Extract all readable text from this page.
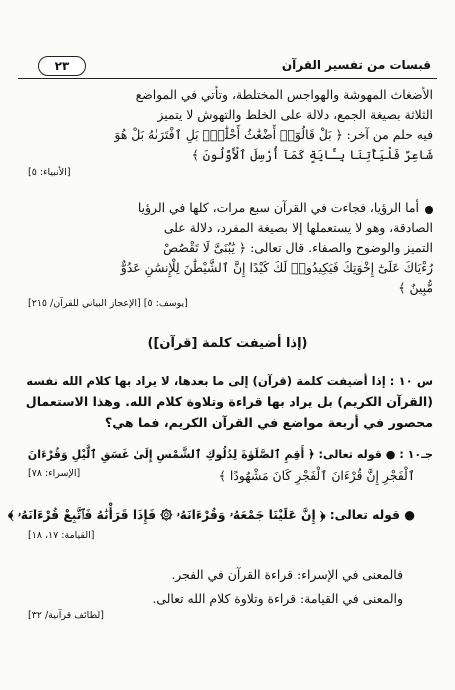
قبسات من تفسير القرآن
٢٣
الأضغاث المهوشة والهواجس المختلطة، وتأتي في المواضع
الثلاثة بصيغة الجمع، دلالة على الخلط والتهوش لا يتميز
فيه حلم من آخر: ﴿ بَلْ قَالُوٓا۟ أَضْغَٰثُ أَحْلَٰمٍۭ بَلِ ٱفْتَرَىٰهُ بَلْ هُوَ
شَاعِرٌ فَلْيَأْتِنَا بِـَٔايَةٍ كَمَآ أُرْسِلَ ٱلْأَوَّلُونَ ﴾
[الأنبياء: ٥]
أما الرؤيا، فجاءت في القرآن سبع مرات، كلها في الرؤيا
الصادقة، وهو لا يستعملها إلا بصيغة المفرد، دلالة على
التميز والوضوح والصفاء. قال تعالى: ﴿ يَٰبُنَىَّ لَا تَقْصُصْ
رُءْيَاكَ عَلَىٰٓ إِخْوَتِكَ فَيَكِيدُوا۟ لَكَ كَيْدًا إِنَّ ٱلشَّيْطَٰنَ لِلْإِنسَٰنِ عَدُوٌّ
مُّبِينٌ ﴾
[يوسف: ٥] [الإعجاز البياني للقرآن/ ٢١٥]
(إذا أضيفت كلمة [قرآن])
س ١٠ : إذا أضيفت كلمة (قرآن) إلى ما بعدها، لا يراد بها كلام الله نفسه
(القرآن الكريم) بل يراد بها قراءة وتلاوة كلام الله. وهذا الاستعمال
محصور في أربعة مواضع في القرآن الكريم، فما هي؟
جـ١٠ : ● قوله تعالى: ﴿ أَقِمِ ٱلصَّلَوٰةَ لِدُلُوكِ ٱلشَّمْسِ إِلَىٰ غَسَقِ ٱلَّيْلِ وَقُرْءَانَ
ٱلْفَجْرِ إِنَّ قُرْءَانَ ٱلْفَجْرِ كَانَ مَشْهُودًا ﴾
[الإسراء: ٧٨]
● قوله تعالى: ﴿ إِنَّ عَلَيْنَا جَمْعَهُۥ وَقُرْءَانَهُۥ ۞ فَإِذَا قَرَأْنَٰهُ فَٱتَّبِعْ قُرْءَانَهُۥ ﴾
[القيامة: ١٧، ١٨]
فالمعنى في الإسراء: قراءة القرآن في الفجر.
والمعنى في القيامة: قراءة وتلاوة كلام الله تعالى.
[لطائف قرآنية/ ٣٢]
